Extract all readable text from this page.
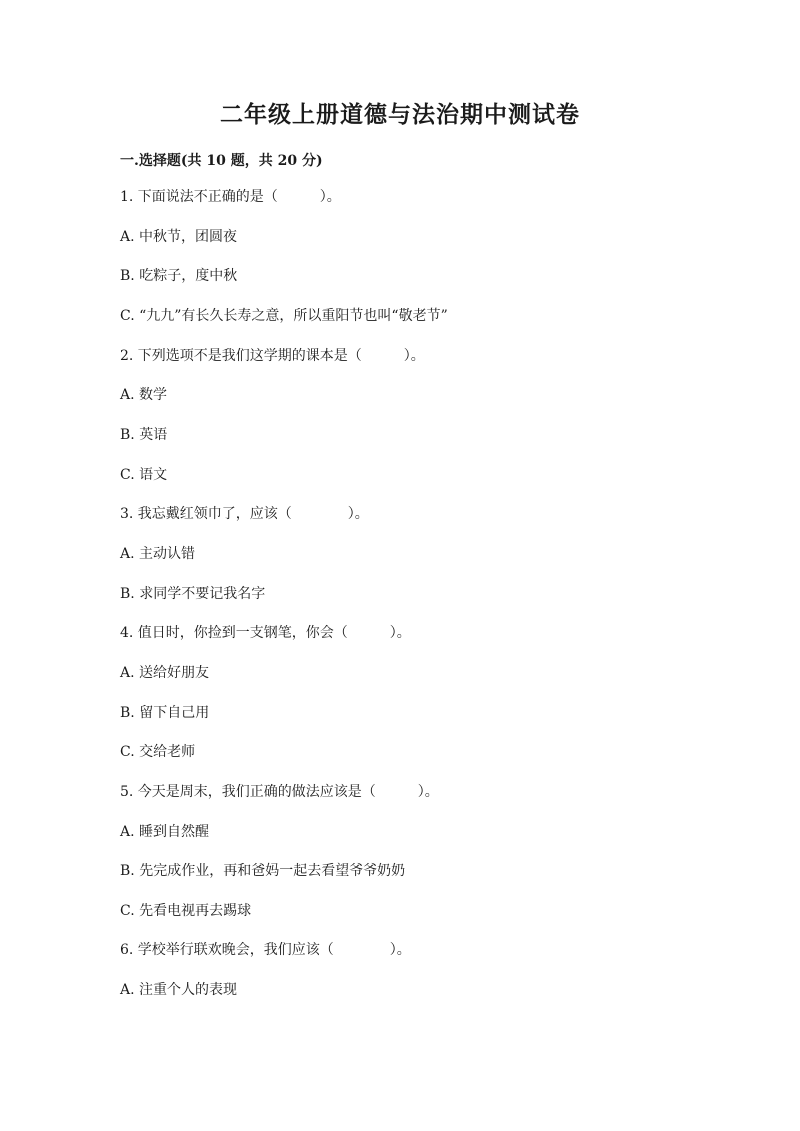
二年级上册道德与法治期中测试卷
一.选择题(共 10 题，共 20 分)
1. 下面说法不正确的是（　　　）。
A. 中秋节，团圆夜
B. 吃粽子，度中秋
C. “九九”有长久长寿之意，所以重阳节也叫“敬老节”
2. 下列选项不是我们这学期的课本是（　　　）。
A. 数学
B. 英语
C. 语文
3. 我忘戴红领巾了，应该（　　　　）。
A. 主动认错
B. 求同学不要记我名字
4. 值日时，你捡到一支钢笔，你会（　　　）。
A. 送给好朋友
B. 留下自己用
C. 交给老师
5. 今天是周末，我们正确的做法应该是（　　　）。
A. 睡到自然醒
B. 先完成作业，再和爸妈一起去看望爷爷奶奶
C. 先看电视再去踢球
6. 学校举行联欢晚会，我们应该（　　　　）。
A. 注重个人的表现
